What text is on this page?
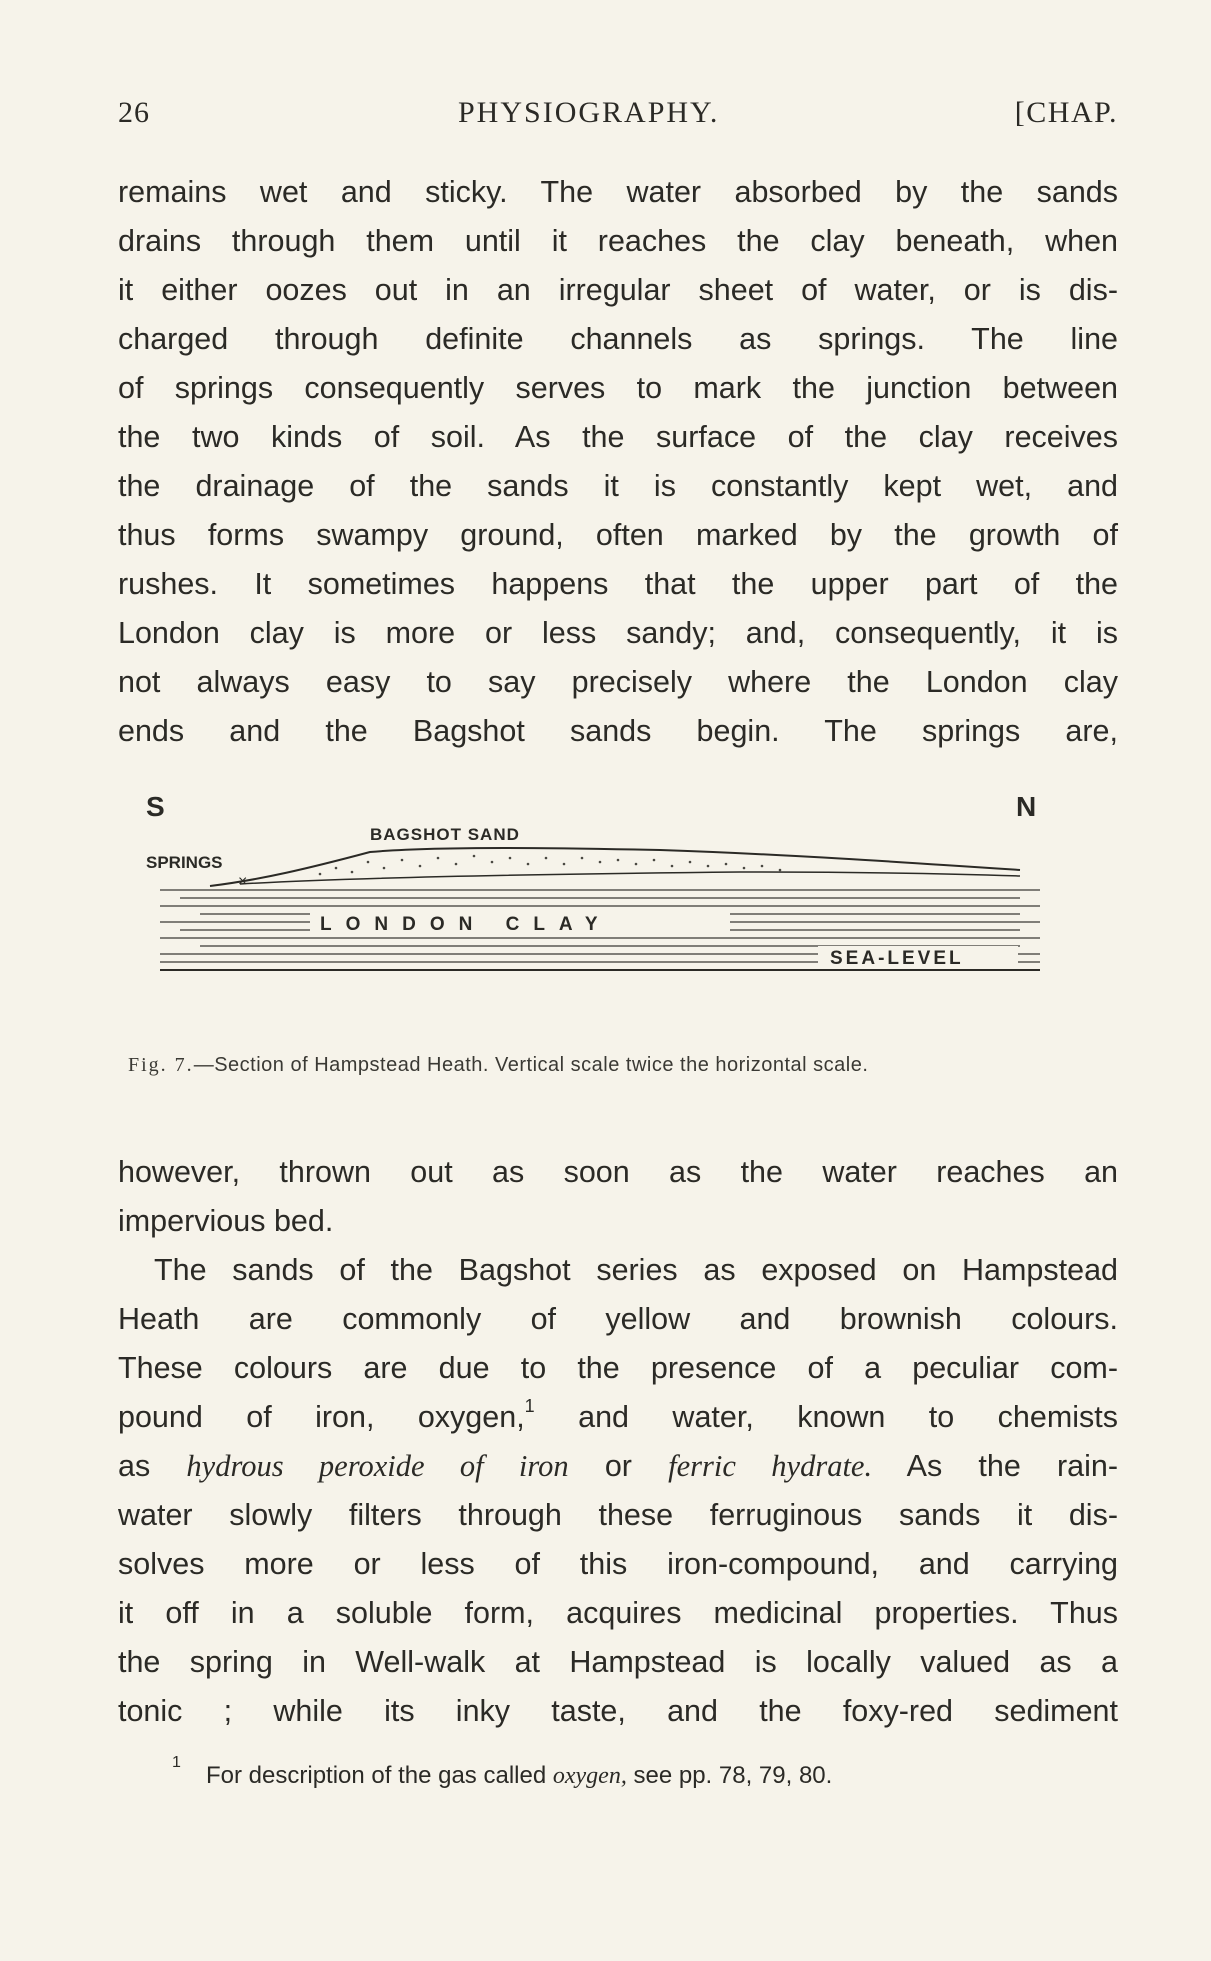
26	PHYSIOGRAPHY.	[CHAP.
remains wet and sticky. The water absorbed by the sands
drains through them until it reaches the clay beneath, when
it either oozes out in an irregular sheet of water, or is dis-
charged through definite channels as springs. The line
of springs consequently serves to mark the junction between
the two kinds of soil. As the surface of the clay receives
the drainage of the sands it is constantly kept wet, and
thus forms swampy ground, often marked by the growth of
rushes. It sometimes happens that the upper part of the
London clay is more or less sandy; and, consequently, it is
not always easy to say precisely where the London clay
ends and the Bagshot sands begin. The springs are,
S	N
BAGSHOT SAND
SPRINGS
×
LONDON CLAY
SEA-LEVEL
Fig. 7.—Section of Hampstead Heath. Vertical scale twice the horizontal scale.
however, thrown out as soon as the water reaches an
impervious bed.
The sands of the Bagshot series as exposed on Hampstead
Heath are commonly of yellow and brownish colours.
These colours are due to the presence of a peculiar com-
pound of iron, oxygen,$^1$ and water, known to chemists
as hydrous peroxide of iron or ferric hydrate. As the rain-
water slowly filters through these ferruginous sands it dis-
solves more or less of this iron-compound, and carrying
it off in a soluble form, acquires medicinal properties. Thus
the spring in Well-walk at Hampstead is locally valued as a
tonic ; while its inky taste, and the foxy-red sediment
1 For description of the gas called oxygen, see pp. 78, 79, 80.
